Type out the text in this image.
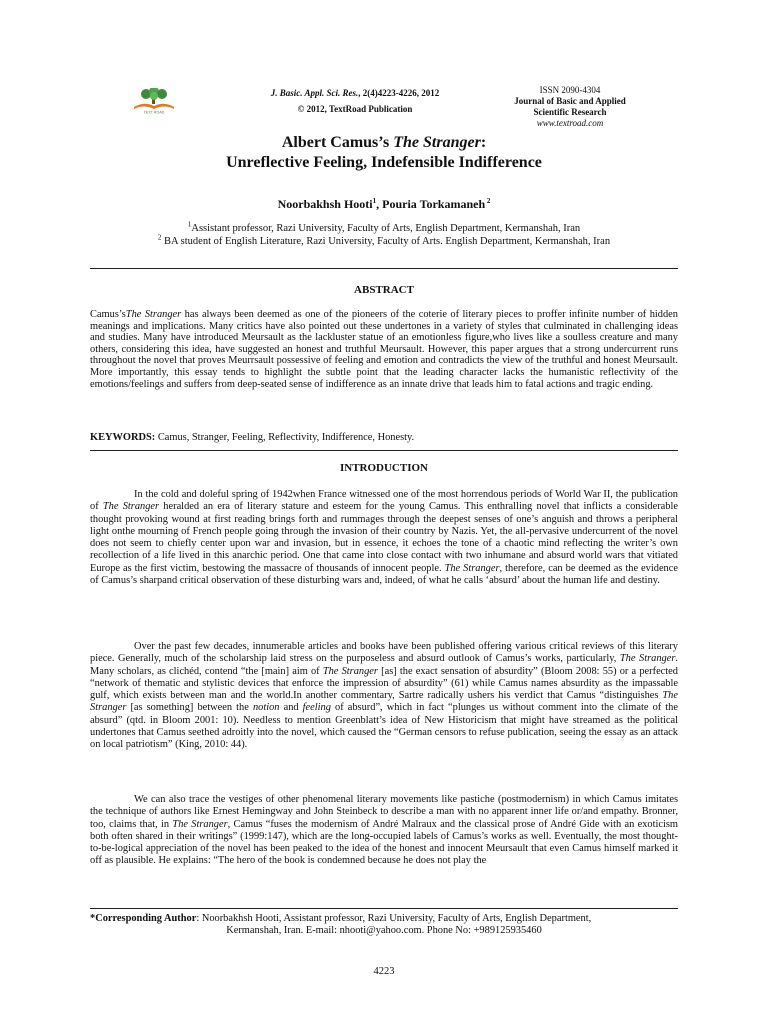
TEXT ROAD
J. Basic. Appl. Sci. Res., 2(4)4223-4226, 2012
© 2012, TextRoad Publication
ISSN 2090-4304
Journal of Basic and Applied
Scientific Research
www.textroad.com
Albert Camus’s The Stranger:
Unreflective Feeling, Indefensible Indifference
Noorbakhsh Hooti$^1$, Pouria Torkamaneh $^2$
$^1$Assistant professor, Razi University, Faculty of Arts, English Department, Kermanshah, Iran
$^2$ BA student of English Literature, Razi University, Faculty of Arts. English Department, Kermanshah, Iran
ABSTRACT
Camus’sThe Stranger has always been deemed as one of the pioneers of the coterie of literary pieces to proffer infinite number of hidden meanings and implications. Many critics have also pointed out these undertones in a variety of styles that culminated in challenging ideas and studies. Many have introduced Meursault as the lackluster statue of an emotionless figure,who lives like a soulless creature and many others, considering this idea, have suggested an honest and truthful Meursault. However, this paper argues that a strong undercurrent runs throughout the novel that proves Meurrsault possessive of feeling and emotion and contradicts the view of the truthful and honest Meursault. More importantly, this essay tends to highlight the subtle point that the leading character lacks the humanistic reflectivity of the emotions/feelings and suffers from deep-seated sense of indifference as an innate drive that leads him to fatal actions and tragic ending.
KEYWORDS: Camus, Stranger, Feeling, Reflectivity, Indifference, Honesty.
INTRODUCTION
In the cold and doleful spring of 1942when France witnessed one of the most horrendous periods of World War II, the publication of The Stranger heralded an era of literary stature and esteem for the young Camus. This enthralling novel that inflicts a considerable thought provoking wound at first reading brings forth and rummages through the deepest senses of one’s anguish and throws a peripheral light onthe mourning of French people going through the invasion of their country by Nazis. Yet, the all-pervasive undercurrent of the novel does not seem to chiefly center upon war and invasion, but in essence, it echoes the tone of a chaotic mind reflecting the writer’s own recollection of a life lived in this anarchic period. One that came into close contact with two inhumane and absurd world wars that vitiated Europe as the first victim, bestowing the massacre of thousands of innocent people. The Stranger, therefore, can be deemed as the evidence of Camus’s sharpand critical observation of these disturbing wars and, indeed, of what he calls ‘absurd’ about the human life and destiny.
Over the past few decades, innumerable articles and books have been published offering various critical reviews of this literary piece. Generally, much of the scholarship laid stress on the purposeless and absurd outlook of Camus’s works, particularly, The Stranger. Many scholars, as clichéd, contend “the [main] aim of The Stranger [as] the exact sensation of absurdity” (Bloom 2008: 55) or a perfected “network of thematic and stylistic devices that enforce the impression of absurdity” (61) while Camus names absurdity as the impassable gulf, which exists between man and the world.In another commentary, Sartre radically ushers his verdict that Camus “distinguishes The Stranger [as something] between the notion and feeling of absurd”, which in fact “plunges us without comment into the climate of the absurd” (qtd. in Bloom 2001: 10). Needless to mention Greenblatt’s idea of New Historicism that might have streamed as the political undertones that Camus seethed adroitly into the novel, which caused the “German censors to refuse publication, seeing the essay as an attack on local patriotism” (King, 2010: 44).
We can also trace the vestiges of other phenomenal literary movements like pastiche (postmodernism) in which Camus imitates the technique of authors like Ernest Hemingway and John Steinbeck to describe a man with no apparent inner life or/and empathy. Bronner, too, claims that, in The Stranger, Camus “fuses the modernism of André Malraux and the classical prose of André Gide with an exoticism both often shared in their writings” (1999:147), which are the long-occupied labels of Camus’s works as well. Eventually, the most thought-to-be-logical appreciation of the novel has been peaked to the idea of the honest and innocent Meursault that even Camus himself marked it off as plausible. He explains: “The hero of the book is condemned because he does not play the
*Corresponding Author: Noorbakhsh Hooti, Assistant professor, Razi University, Faculty of Arts, English Department,
Kermanshah, Iran. E-mail: nhooti@yahoo.com. Phone No: +989125935460
4223
